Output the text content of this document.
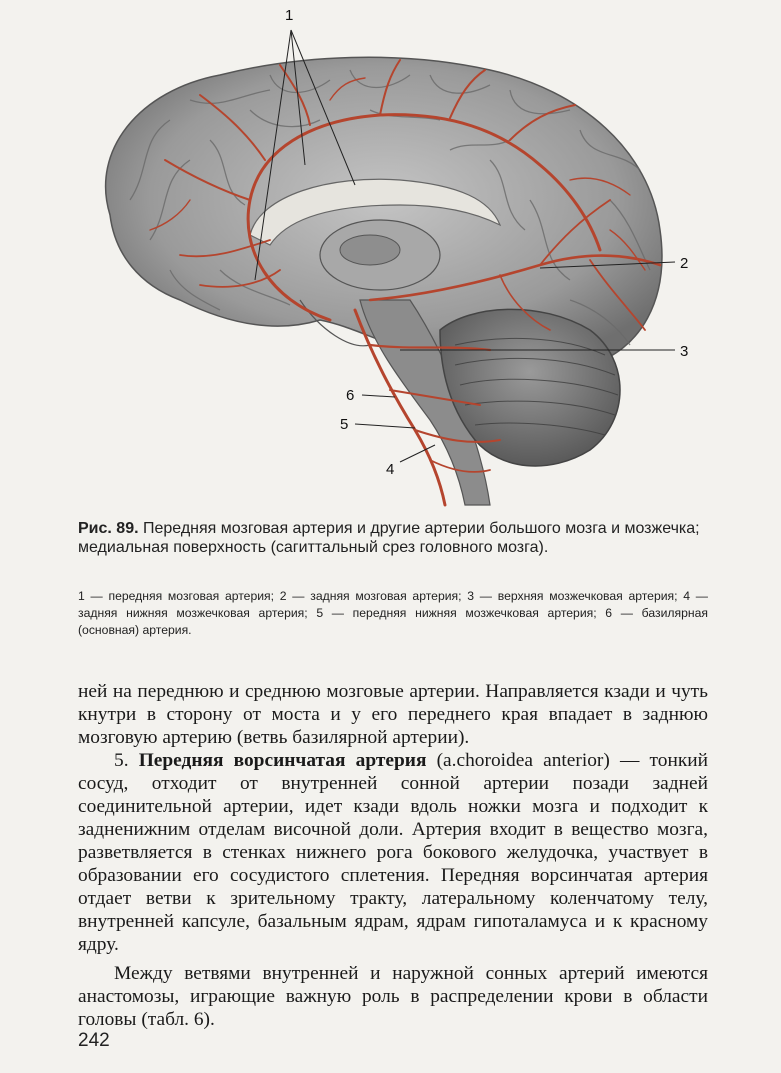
1
2
3
6
5
4
Рис. 89. Передняя мозговая артерия и другие артерии большого мозга и мозжечка; медиальная поверхность (сагиттальный срез головного мозга).
1 — передняя мозговая артерия; 2 — задняя мозговая артерия; 3 — верхняя мозжечковая артерия; 4 — задняя нижняя мозжечковая артерия; 5 — передняя нижняя мозжечковая артерия; 6 — базилярная (основная) артерия.

ней на переднюю и среднюю мозговые артерии. Направляется кзади и чуть кнутри в сторону от моста и у его переднего края впадает в заднюю мозговую артерию (ветвь базилярной артерии).

5. Передняя ворсинчатая артерия (a.choroidea anterior) — тонкий сосуд, отходит от внутренней сонной артерии позади задней соединительной артерии, идет кзади вдоль ножки мозга и подходит к задненижним отделам височной доли. Артерия входит в вещество мозга, разветвляется в стенках нижнего рога бокового желудочка, участвует в образовании его сосудистого сплетения. Передняя ворсинчатая артерия отдает ветви к зрительному тракту, латеральному коленчатому телу, внутренней капсуле, базальным ядрам, ядрам гипоталамуса и к красному ядру.

Между ветвями внутренней и наружной сонных артерий имеются анастомозы, играющие важную роль в распределении крови в области головы (табл. 6).

242
